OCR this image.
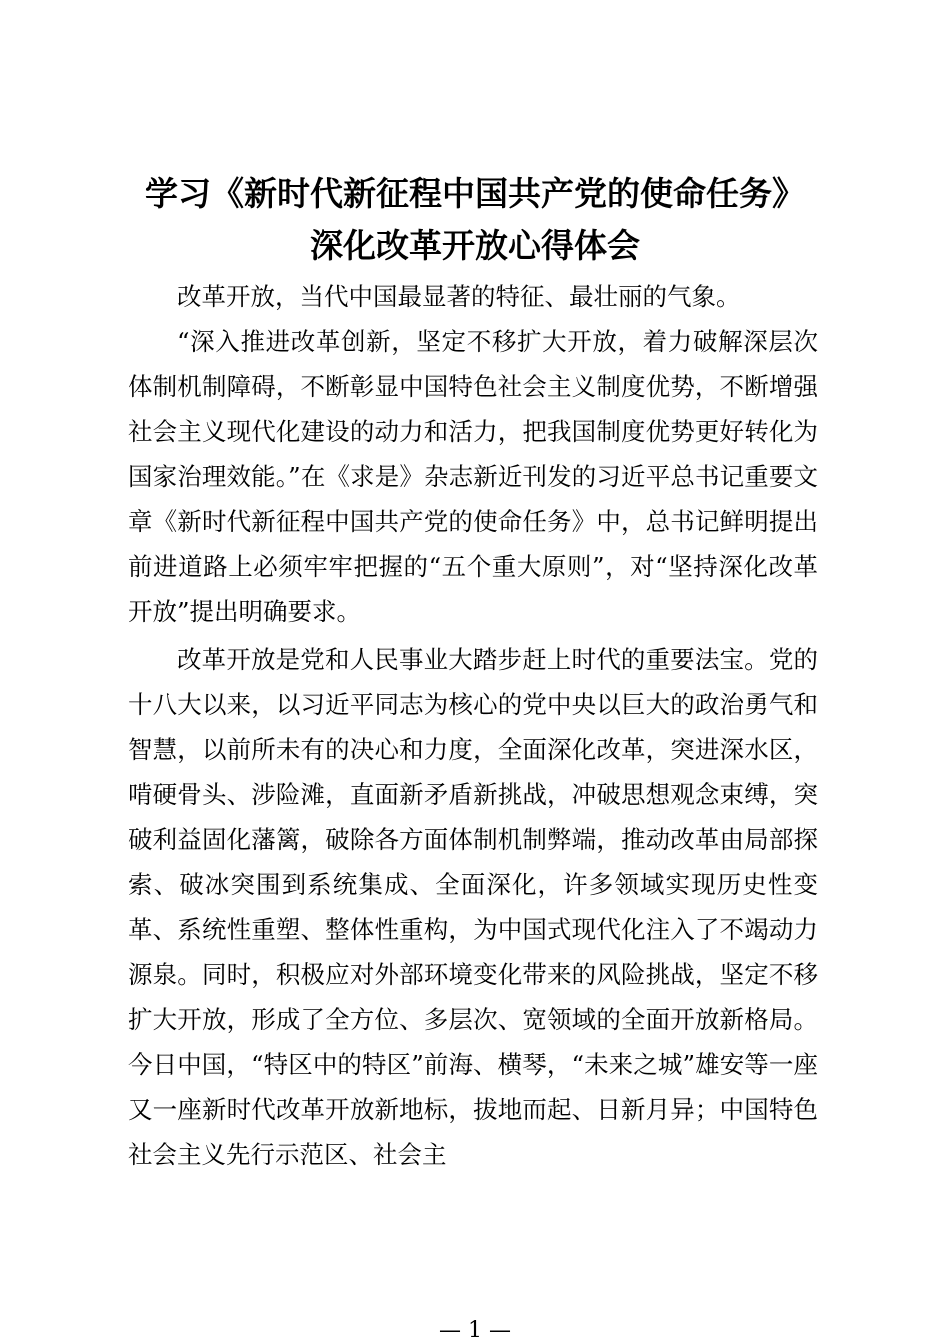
学习《新时代新征程中国共产党的使命任务》
深化改革开放心得体会

改革开放，当代中国最显著的特征、最壮丽的气象。

“深入推进改革创新，坚定不移扩大开放，着力破解深层次体制机制障碍，不断彰显中国特色社会主义制度优势，不断增强社会主义现代化建设的动力和活力，把我国制度优势更好转化为国家治理效能。”在《求是》杂志新近刊发的习近平总书记重要文章《新时代新征程中国共产党的使命任务》中，总书记鲜明提出前进道路上必须牢牢把握的“五个重大原则”，对“坚持深化改革开放”提出明确要求。

改革开放是党和人民事业大踏步赶上时代的重要法宝。党的十八大以来，以习近平同志为核心的党中央以巨大的政治勇气和智慧，以前所未有的决心和力度，全面深化改革，突进深水区，啃硬骨头、涉险滩，直面新矛盾新挑战，冲破思想观念束缚，突破利益固化藩篱，破除各方面体制机制弊端，推动改革由局部探索、破冰突围到系统集成、全面深化，许多领域实现历史性变革、系统性重塑、整体性重构，为中国式现代化注入了不竭动力源泉。同时，积极应对外部环境变化带来的风险挑战，坚定不移扩大开放，形成了全方位、多层次、宽领域的全面开放新格局。今日中国，“特区中的特区”前海、横琴，“未来之城”雄安等一座又一座新时代改革开放新地标，拔地而起、日新月异；中国特色社会主义先行示范区、社会主

— 1 —
